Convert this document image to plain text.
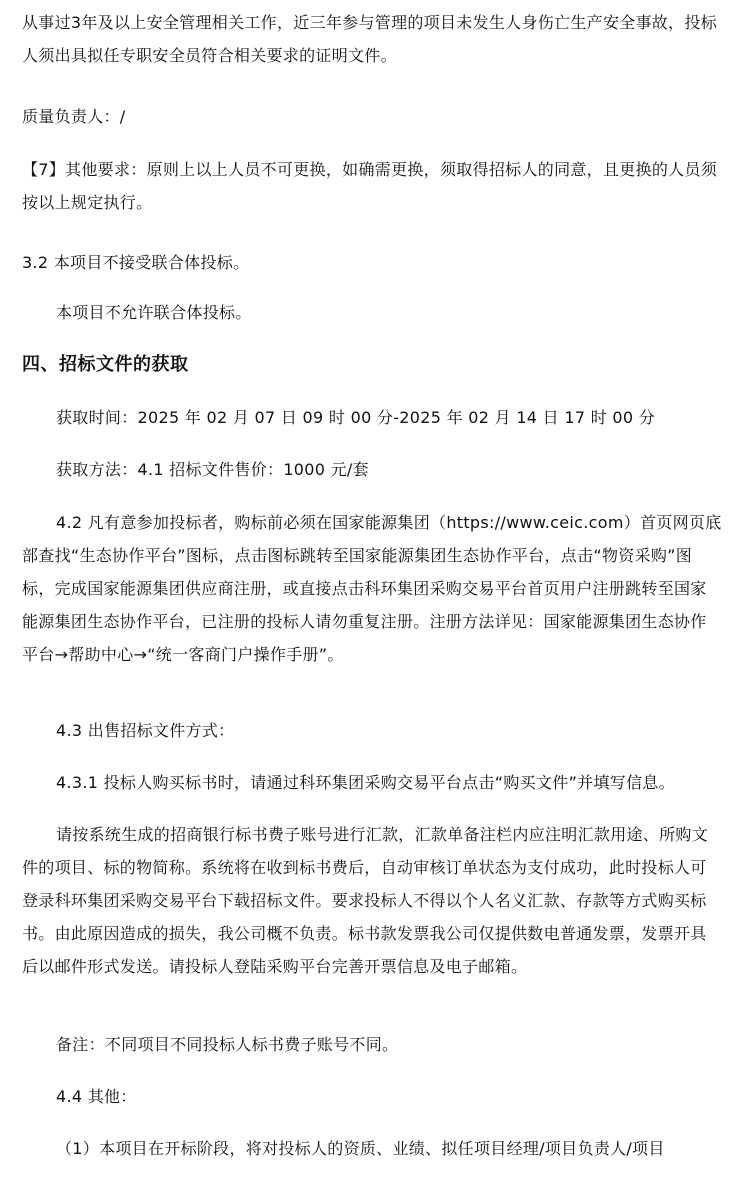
从事过3年及以上安全管理相关工作，近三年参与管理的项目未发生人身伤亡生产安全事故，投标人须出具拟任专职安全员符合相关要求的证明文件。

质量负责人：/

【7】其他要求：原则上以上人员不可更换，如确需更换，须取得招标人的同意，且更换的人员须按以上规定执行。

3.2 本项目不接受联合体投标。

本项目不允许联合体投标。

四、招标文件的获取

获取时间：2025 年 02 月 07 日 09 时 00 分-2025 年 02 月 14 日 17 时 00 分

获取方法：4.1 招标文件售价：1000 元/套

4.2 凡有意参加投标者，购标前必须在国家能源集团（https://www.ceic.com）首页网页底部查找“生态协作平台”图标，点击图标跳转至国家能源集团生态协作平台，点击“物资采购”图标，完成国家能源集团供应商注册，或直接点击科环集团采购交易平台首页用户注册跳转至国家能源集团生态协作平台，已注册的投标人请勿重复注册。注册方法详见：国家能源集团生态协作平台→帮助中心→“统一客商门户操作手册”。

4.3 出售招标文件方式：

4.3.1 投标人购买标书时，请通过科环集团采购交易平台点击“购买文件”并填写信息。

请按系统生成的招商银行标书费子账号进行汇款，汇款单备注栏内应注明汇款用途、所购文件的项目、标的物简称。系统将在收到标书费后，自动审核订单状态为支付成功，此时投标人可登录科环集团采购交易平台下载招标文件。要求投标人不得以个人名义汇款、存款等方式购买标书。由此原因造成的损失，我公司概不负责。标书款发票我公司仅提供数电普通发票，发票开具后以邮件形式发送。请投标人登陆采购平台完善开票信息及电子邮箱。

备注：不同项目不同投标人标书费子账号不同。

4.4 其他：

（1）本项目在开标阶段，将对投标人的资质、业绩、拟任项目经理/项目负责人/项目
